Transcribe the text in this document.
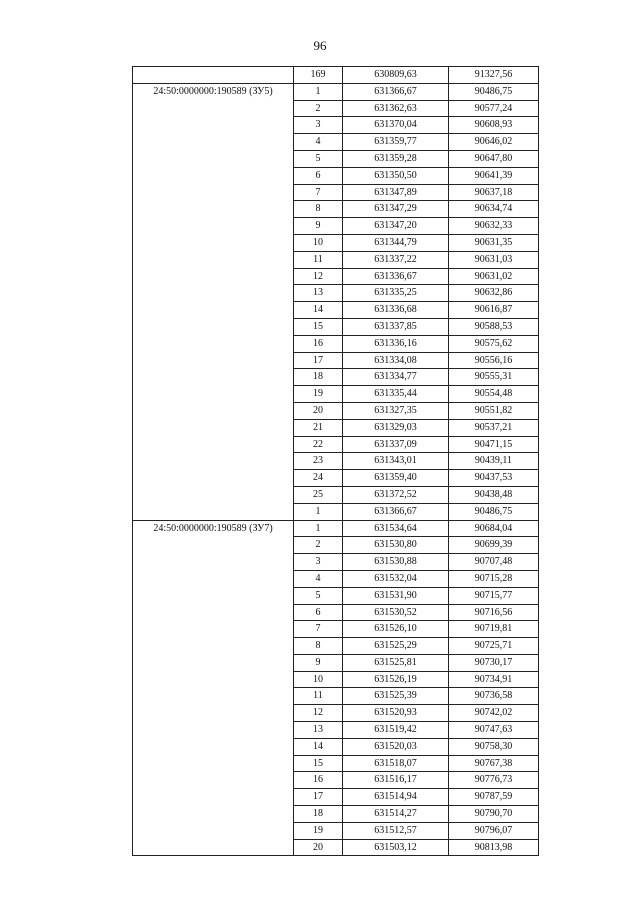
96
	169	630809,63	91327,56
24:50:0000000:190589 (ЗУ5)	1	631366,67	90486,75
	2	631362,63	90577,24
	3	631370,04	90608,93
	4	631359,77	90646,02
	5	631359,28	90647,80
	6	631350,50	90641,39
	7	631347,89	90637,18
	8	631347,29	90634,74
	9	631347,20	90632,33
	10	631344,79	90631,35
	11	631337,22	90631,03
	12	631336,67	90631,02
	13	631335,25	90632,86
	14	631336,68	90616,87
	15	631337,85	90588,53
	16	631336,16	90575,62
	17	631334,08	90556,16
	18	631334,77	90555,31
	19	631335,44	90554,48
	20	631327,35	90551,82
	21	631329,03	90537,21
	22	631337,09	90471,15
	23	631343,01	90439,11
	24	631359,40	90437,53
	25	631372,52	90438,48
	1	631366,67	90486,75
24:50:0000000:190589 (ЗУ7)	1	631534,64	90684,04
	2	631530,80	90699,39
	3	631530,88	90707,48
	4	631532,04	90715,28
	5	631531,90	90715,77
	6	631530,52	90716,56
	7	631526,10	90719,81
	8	631525,29	90725,71
	9	631525,81	90730,17
	10	631526,19	90734,91
	11	631525,39	90736,58
	12	631520,93	90742,02
	13	631519,42	90747,63
	14	631520,03	90758,30
	15	631518,07	90767,38
	16	631516,17	90776,73
	17	631514,94	90787,59
	18	631514,27	90790,70
	19	631512,57	90796,07
	20	631503,12	90813,98
